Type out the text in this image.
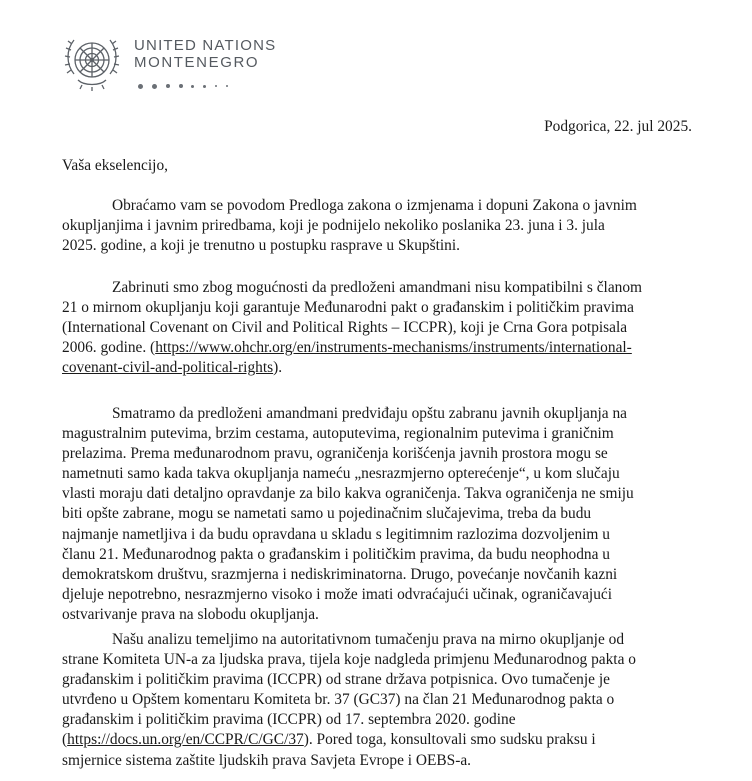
UNITED NATIONS
MONTENEGRO

Podgorica, 22. jul 2025.
Vaša ekselencijo,
Obraćamo vam se povodom Predloga zakona o izmjenama i dopuni Zakona o javnim
okupljanjima i javnim priredbama, koji je podnijelo nekoliko poslanika 23. juna i 3. jula
2025. godine, a koji je trenutno u postupku rasprave u Skupštini.
Zabrinuti smo zbog mogućnosti da predloženi amandmani nisu kompatibilni s članom
21 o mirnom okupljanju koji garantuje Međunarodni pakt o građanskim i političkim pravima
(International Covenant on Civil and Political Rights – ICCPR), koji je Crna Gora potpisala
2006. godine. (https://www.ohchr.org/en/instruments-mechanisms/instruments/international-
covenant-civil-and-political-rights).
Smatramo da predloženi amandmani predviđaju opštu zabranu javnih okupljanja na
magustralnim putevima, brzim cestama, autoputevima, regionalnim putevima i graničnim
prelazima. Prema međunarodnom pravu, ograničenja korišćenja javnih prostora mogu se
nametnuti samo kada takva okupljanja nameću „nesrazmjerno opterećenje“, u kom slučaju
vlasti moraju dati detaljno opravdanje za bilo kakva ograničenja. Takva ograničenja ne smiju
biti opšte zabrane, mogu se nametati samo u pojedinačnim slučajevima, treba da budu
najmanje nametljiva i da budu opravdana u skladu s legitimnim razlozima dozvoljenim u
članu 21. Međunarodnog pakta o građanskim i političkim pravima, da budu neophodna u
demokratskom društvu, srazmjerna i nediskriminatorna. Drugo, povećanje novčanih kazni
djeluje nepotrebno, nesrazmjerno visoko i može imati odvraćajući učinak, ograničavajući
ostvarivanje prava na slobodu okupljanja.
Našu analizu temeljimo na autoritativnom tumačenju prava na mirno okupljanje od
strane Komiteta UN-a za ljudska prava, tijela koje nadgleda primjenu Međunarodnog pakta o
građanskim i političkim pravima (ICCPR) od strane država potpisnica. Ovo tumačenje je
utvrđeno u Opštem komentaru Komiteta br. 37 (GC37) na član 21 Međunarodnog pakta o
građanskim i političkim pravima (ICCPR) od 17. septembra 2020. godine
(https://docs.un.org/en/CCPR/C/GC/37). Pored toga, konsultovali smo sudsku praksu i
smjernice sistema zaštite ljudskih prava Savjeta Evrope i OEBS-a.
